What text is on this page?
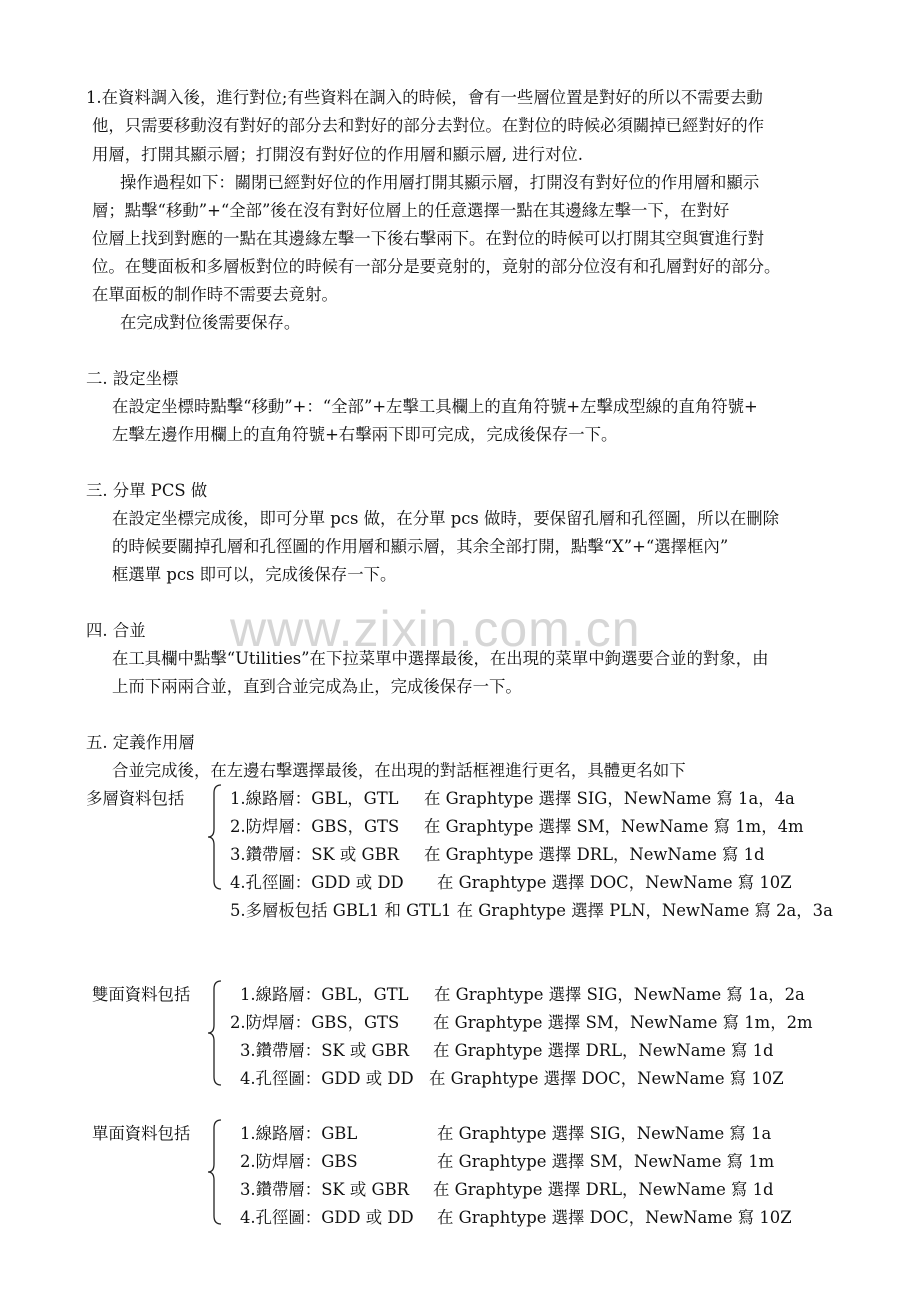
www.zixin.com.cn
1.在資料調入後，進行對位;有些資料在調入的時候，會有一些層位置是對好的所以不需要去動
他，只需要移動沒有對好的部分去和對好的部分去對位。在對位的時候必須關掉已經對好的作
用層，打開其顯示層；打開沒有對好位的作用層和顯示層, 进行对位.
操作過程如下：關閉已經對好位的作用層打開其顯示層，打開沒有對好位的作用層和顯示
層；點擊“移動”+“全部”後在沒有對好位層上的任意選擇一點在其邊緣左擊一下，在對好
位層上找到對應的一點在其邊緣左擊一下後右擊兩下。在對位的時候可以打開其空與實進行對
位。在雙面板和多層板對位的時候有一部分是要竟射的，竟射的部分位沒有和孔層對好的部分。
在單面板的制作時不需要去竟射。
在完成對位後需要保存。
二. 設定坐標
在設定坐標時點擊“移動”+：“全部”+左擊工具欄上的直角符號+左擊成型線的直角符號+
左擊左邊作用欄上的直角符號+右擊兩下即可完成，完成後保存一下。
三. 分單 PCS 做
在設定坐標完成後，即可分單 pcs 做，在分單 pcs 做時，要保留孔層和孔徑圖，所以在刪除
的時候要關掉孔層和孔徑圖的作用層和顯示層，其余全部打開，點擊“X”+“選擇框內”
框選單 pcs 即可以，完成後保存一下。
四. 合並
在工具欄中點擊“Utilities”在下拉菜單中選擇最後，在出現的菜單中鉤選要合並的對象，由
上而下兩兩合並，直到合並完成為止，完成後保存一下。
五. 定義作用層
合並完成後，在左邊右擊選擇最後，在出現的對話框裡進行更名，具體更名如下
多層資料包括	1.線路層：GBL，GTL 在 Graphtype 選擇 SIG，NewName 寫 1a，4a
2.防焊層：GBS，GTS 在 Graphtype 選擇 SM，NewName 寫 1m，4m
3.鑽帶層：SK 或 GBR 在 Graphtype 選擇 DRL，NewName 寫 1d
4.孔徑圖：GDD 或 DD 在 Graphtype 選擇 DOC，NewName 寫 10Z
5.多層板包括 GBL1 和 GTL1 在 Graphtype 選擇 PLN，NewName 寫 2a，3a
雙面資料包括	1.線路層：GBL，GTL 在 Graphtype 選擇 SIG，NewName 寫 1a，2a
2.防焊層：GBS，GTS 在 Graphtype 選擇 SM，NewName 寫 1m，2m
3.鑽帶層：SK 或 GBR 在 Graphtype 選擇 DRL，NewName 寫 1d
4.孔徑圖：GDD 或 DD 在 Graphtype 選擇 DOC，NewName 寫 10Z
單面資料包括	1.線路層：GBL	在 Graphtype 選擇 SIG，NewName 寫 1a
2.防焊層：GBS	在 Graphtype 選擇 SM，NewName 寫 1m
3.鑽帶層：SK 或 GBR 在 Graphtype 選擇 DRL，NewName 寫 1d
4.孔徑圖：GDD 或 DD 在 Graphtype 選擇 DOC，NewName 寫 10Z
